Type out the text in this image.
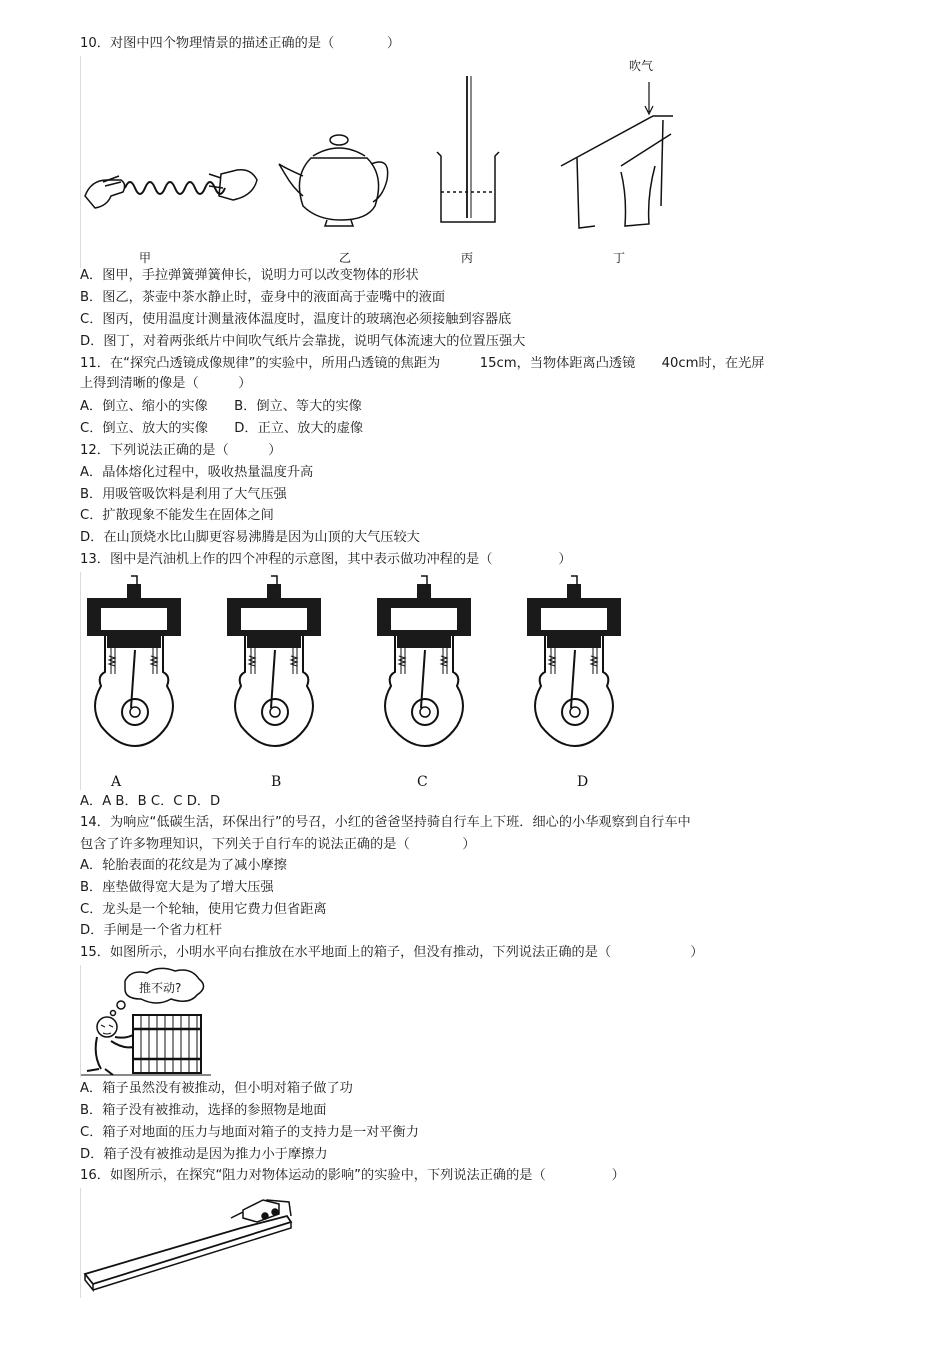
10．对图中四个物理情景的描述正确的是（　　　　）
吹气
甲	乙	丙	丁
A．图甲，手拉弹簧弹簧伸长，说明力可以改变物体的形状
B．图乙，茶壶中茶水静止时，壶身中的液面高于壶嘴中的液面
C．图丙，使用温度计测量液体温度时，温度计的玻璃泡必须接触到容器底
D．图丁，对着两张纸片中间吹气纸片会靠拢，说明气体流速大的位置压强大
11．在“探究凸透镜成像规律”的实验中，所用凸透镜的焦距为　　　15cm，当物体距离凸透镜　　40cm时，在光屏
上得到清晰的像是（　　　）
A．倒立、缩小的实像　　B．倒立、等大的实像
C．倒立、放大的实像　　D．正立、放大的虚像
12．下列说法正确的是（　　　）
A．晶体熔化过程中，吸收热量温度升高
B．用吸管吸饮料是利用了大气压强
C．扩散现象不能发生在固体之间
D．在山顶烧水比山脚更容易沸腾是因为山顶的大气压较大
13．图中是汽油机上作的四个冲程的示意图，其中表示做功冲程的是（　　　　　）
A	B	C	D
A．A B．B C．C D．D
14．为响应“低碳生活，环保出行”的号召，小红的爸爸坚持骑自行车上下班．细心的小华观察到自行车中
包含了许多物理知识，下列关于自行车的说法正确的是（　　　　）
A．轮胎表面的花纹是为了减小摩擦
B．座垫做得宽大是为了增大压强
C．龙头是一个轮轴，使用它费力但省距离
D．手闸是一个省力杠杆
15．如图所示，小明水平向右推放在水平地面上的箱子，但没有推动，下列说法正确的是（　　　　　　）
推不动?
A．箱子虽然没有被推动，但小明对箱子做了功
B．箱子没有被推动，选择的参照物是地面
C．箱子对地面的压力与地面对箱子的支持力是一对平衡力
D．箱子没有被推动是因为推力小于摩擦力
16．如图所示，在探究“阻力对物体运动的影响”的实验中，下列说法正确的是（　　　　　）
